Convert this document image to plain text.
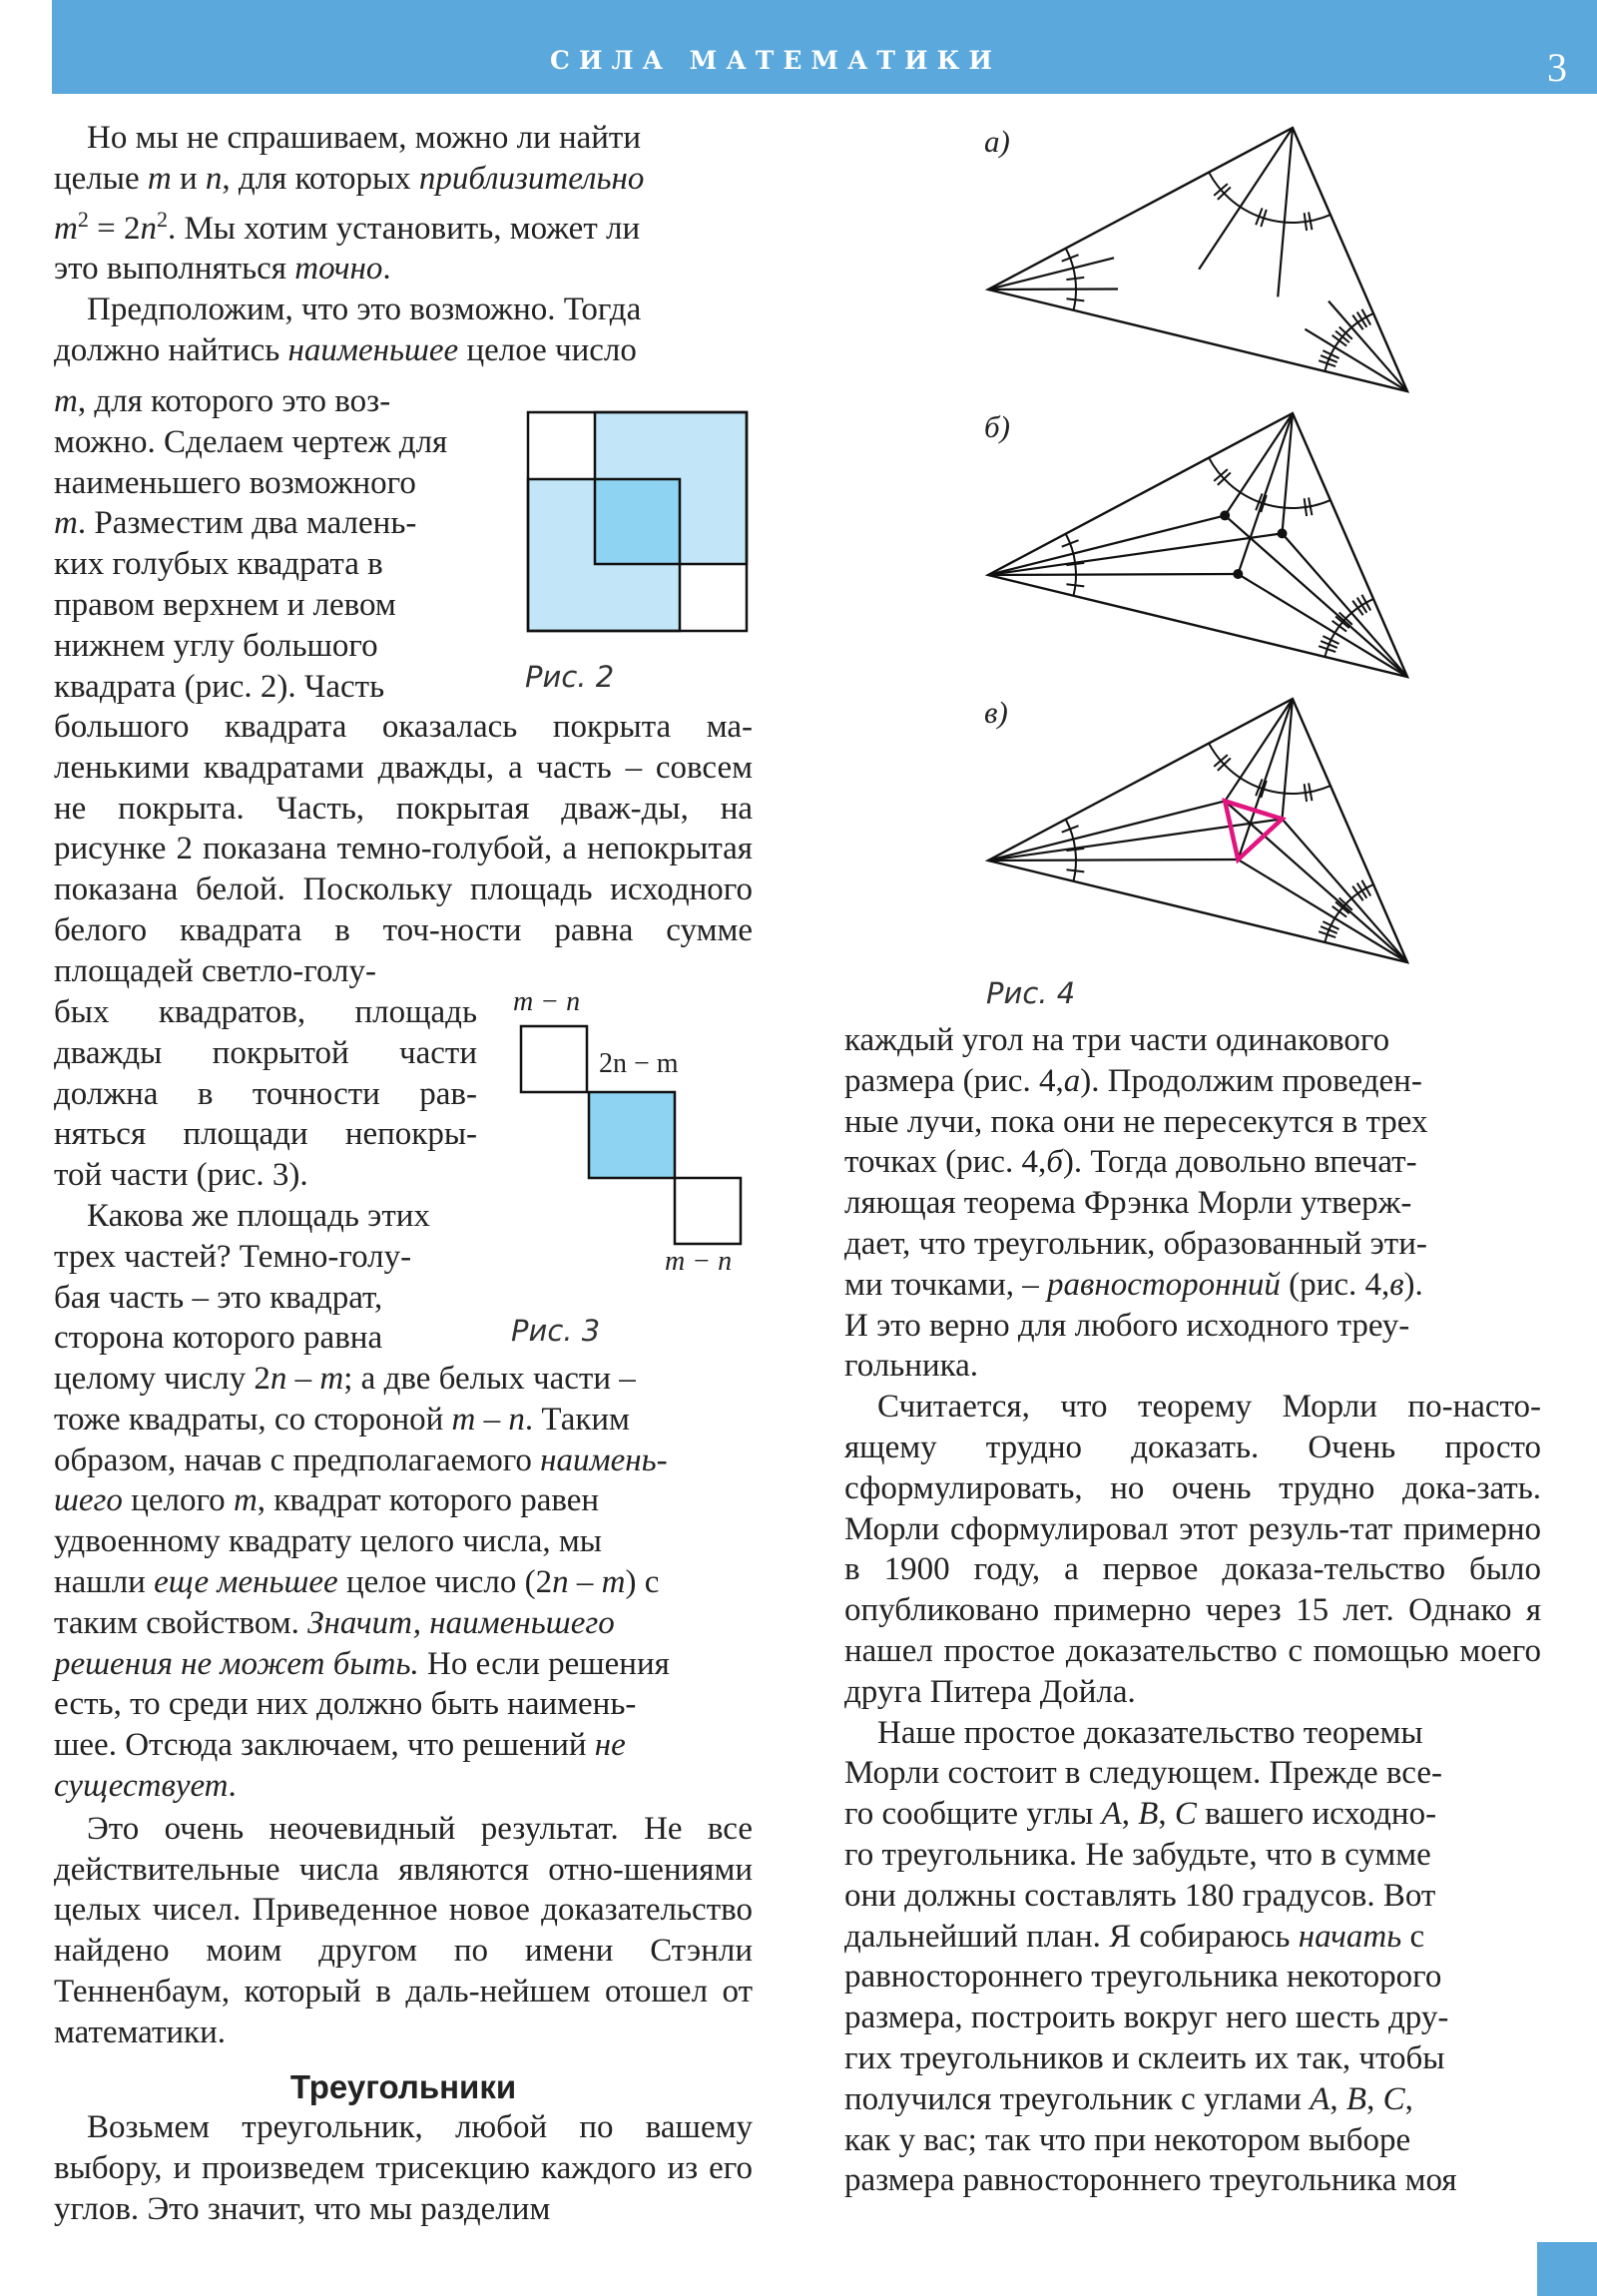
СИЛА МАТЕМАТИКИ	3

Но мы не спрашиваем, можно ли найти
целые m и n, для которых приблизительно
$m^2 = 2n^2$. Мы хотим установить, может ли
это выполняться точно.

Предположим, что это возможно. Тогда
должно найтись наименьшее целое число

m, для которого это воз-
можно. Сделаем чертеж для
наименьшего возможного
m. Разместим два малень-
ких голубых квадрата в
правом верхнем и левом
нижнем углу большого
квадрата (рис. 2). Часть

большого квадрата оказалась покрыта ма-ленькими квадратами дважды, а часть – совсем не покрыта. Часть, покрытая дваж-ды, на рисунке 2 показана темно-голубой, а непокрытая показана белой. Поскольку площадь исходного белого квадрата в точ-ности равна сумме площадей светло-голу-

бых квадратов, площадь
дважды покрытой части
должна в точности рав-
няться площади непокры-

той части (рис. 3).

Какова же площадь этих
трех частей? Темно-голу-
бая часть – это квадрат,
сторона которого равна

целому числу 2n – m; а две белых части –
тоже квадраты, со стороной m – n. Таким
образом, начав с предполагаемого наимень-
шего целого m, квадрат которого равен
удвоенному квадрату целого числа, мы
нашли еще меньшее целое число (2n – m) с
таким свойством. Значит, наименьшего
решения не может быть. Но если решения
есть, то среди них должно быть наимень-
шее. Отсюда заключаем, что решений не
существует.

Это очень неочевидный результат. Не все действительные числа являются отно-шениями целых чисел. Приведенное новое доказательство найдено моим другом по имени Стэнли Тенненбаум, который в даль-нейшем отошел от математики.

Треугольники

Возьмем треугольник, любой по вашему выбору, и произведем трисекцию каждого из его углов. Это значит, что мы разделим

Рис. 2
m − n
2n − m
m − n
Рис. 3
а)
б)
в)
Рис. 4

каждый угол на три части одинакового
размера (рис. 4,а). Продолжим проведен-
ные лучи, пока они не пересекутся в трех
точках (рис. 4,б). Тогда довольно впечат-
ляющая теорема Фрэнка Морли утверж-
дает, что треугольник, образованный эти-
ми точками, – равносторонний (рис. 4,в).
И это верно для любого исходного треу-
гольника.

Считается, что теорему Морли по-насто-ящему трудно доказать. Очень просто сформулировать, но очень трудно дока-зать. Морли сформулировал этот резуль-тат примерно в 1900 году, а первое доказа-тельство было опубликовано примерно через 15 лет. Однако я нашел простое доказательство с помощью моего друга Питера Дойла.

Наше простое доказательство теоремы
Морли состоит в следующем. Прежде все-
го сообщите углы A, B, C вашего исходно-
го треугольника. Не забудьте, что в сумме
они должны составлять 180 градусов. Вот
дальнейший план. Я собираюсь начать с
равностороннего треугольника некоторого
размера, построить вокруг него шесть дру-
гих треугольников и склеить их так, чтобы
получился треугольник с углами A, B, C,
как у вас; так что при некотором выборе
размера равностороннего треугольника моя
